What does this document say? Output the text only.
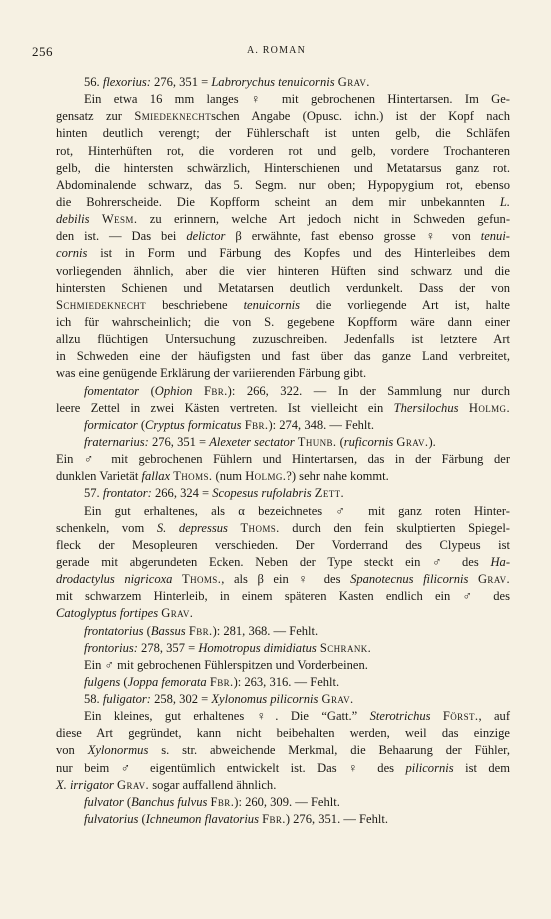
256	A. ROMAN
56. flexorius: 276, 351 = Labrorychus tenuicornis Grav.
Ein etwa 16 mm langes ♀ mit gebrochenen Hintertarsen. Im Ge-
gensatz zur Smiedeknechtschen Angabe (Opusc. ichn.) ist der Kopf nach
hinten deutlich verengt; der Fühlerschaft ist unten gelb, die Schläfen
rot, Hinterhüften rot, die vorderen rot und gelb, vordere Trochanteren
gelb, die hintersten schwärzlich, Hinterschienen und Metatarsus ganz rot.
Abdominalende schwarz, das 5. Segm. nur oben; Hypopygium rot, ebenso
die Bohrerscheide. Die Kopfform scheint an dem mir unbekannten L.
debilis Wesm. zu erinnern, welche Art jedoch nicht in Schweden gefun-
den ist. — Das bei delictor β erwähnte, fast ebenso grosse ♀ von tenui-
cornis ist in Form und Färbung des Kopfes und des Hinterleibes dem
vorliegenden ähnlich, aber die vier hinteren Hüften sind schwarz und die
hintersten Schienen und Metatarsen deutlich verdunkelt. Dass der von
Schmiedeknecht beschriebene tenuicornis die vorliegende Art ist, halte
ich für wahrscheinlich; die von S. gegebene Kopfform wäre dann einer
allzu flüchtigen Untersuchung zuzuschreiben. Jedenfalls ist letztere Art
in Schweden eine der häufigsten und fast über das ganze Land verbreitet,
was eine genügende Erklärung der variierenden Färbung gibt.
fomentator (Ophion Fbr.): 266, 322. — In der Sammlung nur durch
leere Zettel in zwei Kästen vertreten. Ist vielleicht ein Thersilochus Holmg.
formicator (Cryptus formicatus Fbr.): 274, 348. — Fehlt.
fraternarius: 276, 351 = Alexeter sectator Thunb. (ruficornis Grav.).
Ein ♂ mit gebrochenen Fühlern und Hintertarsen, das in der Färbung der
dunklen Varietät fallax Thoms. (num Holmg.?) sehr nahe kommt.
57. frontator: 266, 324 = Scopesus rufolabris Zett.
Ein gut erhaltenes, als α bezeichnetes ♂ mit ganz roten Hinter-
schenkeln, vom S. depressus Thoms. durch den fein skulptierten Spiegel-
fleck der Mesopleuren verschieden. Der Vorderrand des Clypeus ist
gerade mit abgerundeten Ecken. Neben der Type steckt ein ♂ des Ha-
drodactylus nigricoxa Thoms., als β ein ♀ des Spanotecnus filicornis Grav.
mit schwarzem Hinterleib, in einem späteren Kasten endlich ein ♂ des
Catoglyptus fortipes Grav.
frontatorius (Bassus Fbr.): 281, 368. — Fehlt.
frontorius: 278, 357 = Homotropus dimidiatus Schrank.
Ein ♂ mit gebrochenen Fühlerspitzen und Vorderbeinen.
fulgens (Joppa femorata Fbr.): 263, 316. — Fehlt.
58. fuligator: 258, 302 = Xylonomus pilicornis Grav.
Ein kleines, gut erhaltenes ♀. Die “Gatt.” Sterotrichus Först., auf
diese Art gegründet, kann nicht beibehalten werden, weil das einzige
von Xylonormus s. str. abweichende Merkmal, die Behaarung der Fühler,
nur beim ♂ eigentümlich entwickelt ist. Das ♀ des pilicornis ist dem
X. irrigator Grav. sogar auffallend ähnlich.
fulvator (Banchus fulvus Fbr.): 260, 309. — Fehlt.
fulvatorius (Ichneumon flavatorius Fbr.) 276, 351. — Fehlt.
